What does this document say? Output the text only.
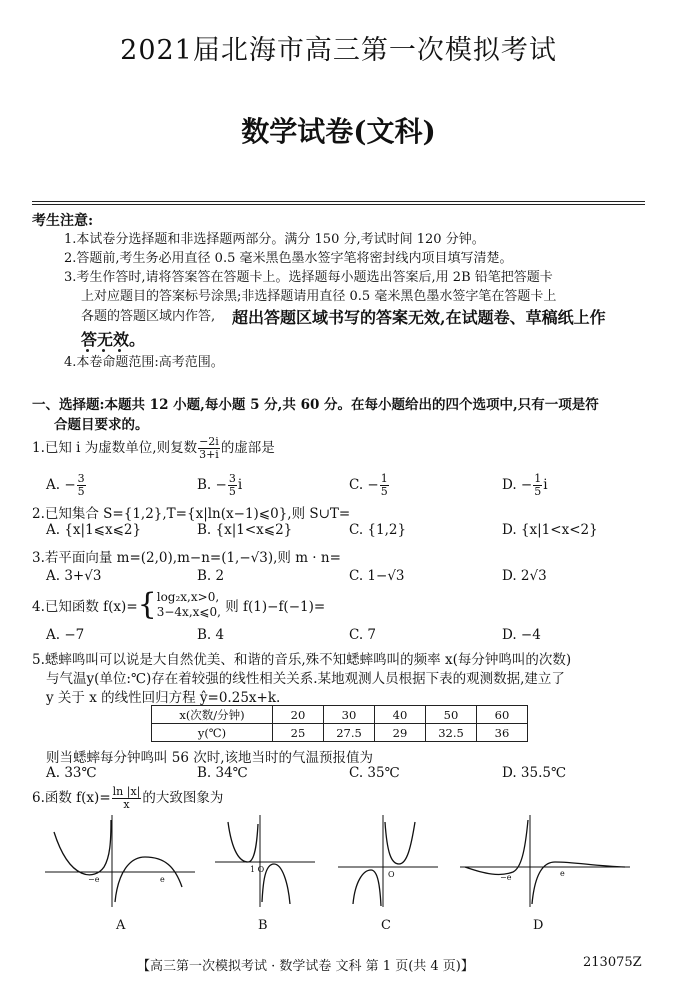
2021届北海市高三第一次模拟考试
数学试卷(文科)
考生注意:
1.本试卷分选择题和非选择题两部分。满分 150 分,考试时间 120 分钟。
2.答题前,考生务必用直径 0.5 毫米黑色墨水签字笔将密封线内项目填写清楚。
3.考生作答时,请将答案答在答题卡上。选择题每小题选出答案后,用 2B 铅笔把答题卡
上对应题目的答案标号涂黑;非选择题请用直径 0.5 毫米黑色墨水签字笔在答题卡上
各题的答题区域内作答, 超出答题区域书写的答案无效,在试题卷、草稿纸上作
答无效。
4.本卷命题范围:高考范围。
一、选择题:本题共 12 小题,每小题 5 分,共 60 分。在每小题给出的四个选项中,只有一项是符
合题目要求的。
1.已知 i 为虚数单位,则复数 $\frac{-2i}{3+i}$ 的虚部是
A. − $\frac{3}{5}$	B. − $\frac{3}{5}$ i	C. − $\frac{1}{5}$	D. − $\frac{1}{5}$ i
2.已知集合 S={1,2},T={x|ln(x−1)⩽0},则 S∪T=
A. {x|1⩽x⩽2}	B. {x|1<x⩽2}	C. {1,2}	D. {x|1<x<2}
3.若平面向量 m=(2,0),m−n=(1,−√3),则 m · n=
A. 3+√3	B. 2	C. 1−√3	D. 2√3
4.已知函数 f(x)={ log₂x,x>0,
3−4x,x⩽0, 则 f(1)−f(−1)=
A. −7	B. 4	C. 7	D. −4
5.蟋蟀鸣叫可以说是大自然优美、和谐的音乐,殊不知蟋蟀鸣叫的频率 x(每分钟鸣叫的次数)
与气温y(单位:℃)存在着较强的线性相关关系.某地观测人员根据下表的观测数据,建立了
y 关于 x 的线性回归方程 ŷ=0.25x+k.
x(次数/分钟)	20	30	40	50	60
y(℃)	25	27.5	29	32.5	36
则当蟋蟀每分钟鸣叫 56 次时,该地当时的气温预报值为
A. 33℃	B. 34℃	C. 35℃	D. 35.5℃
6.函数 $f(x)= \frac{\ln |x|}{x}$ 的大致图象为
−e	e
1 O
O	−e	e
A	B	C	D
【高三第一次模拟考试 · 数学试卷 文科 第 1 页(共 4 页)】	213075Z
